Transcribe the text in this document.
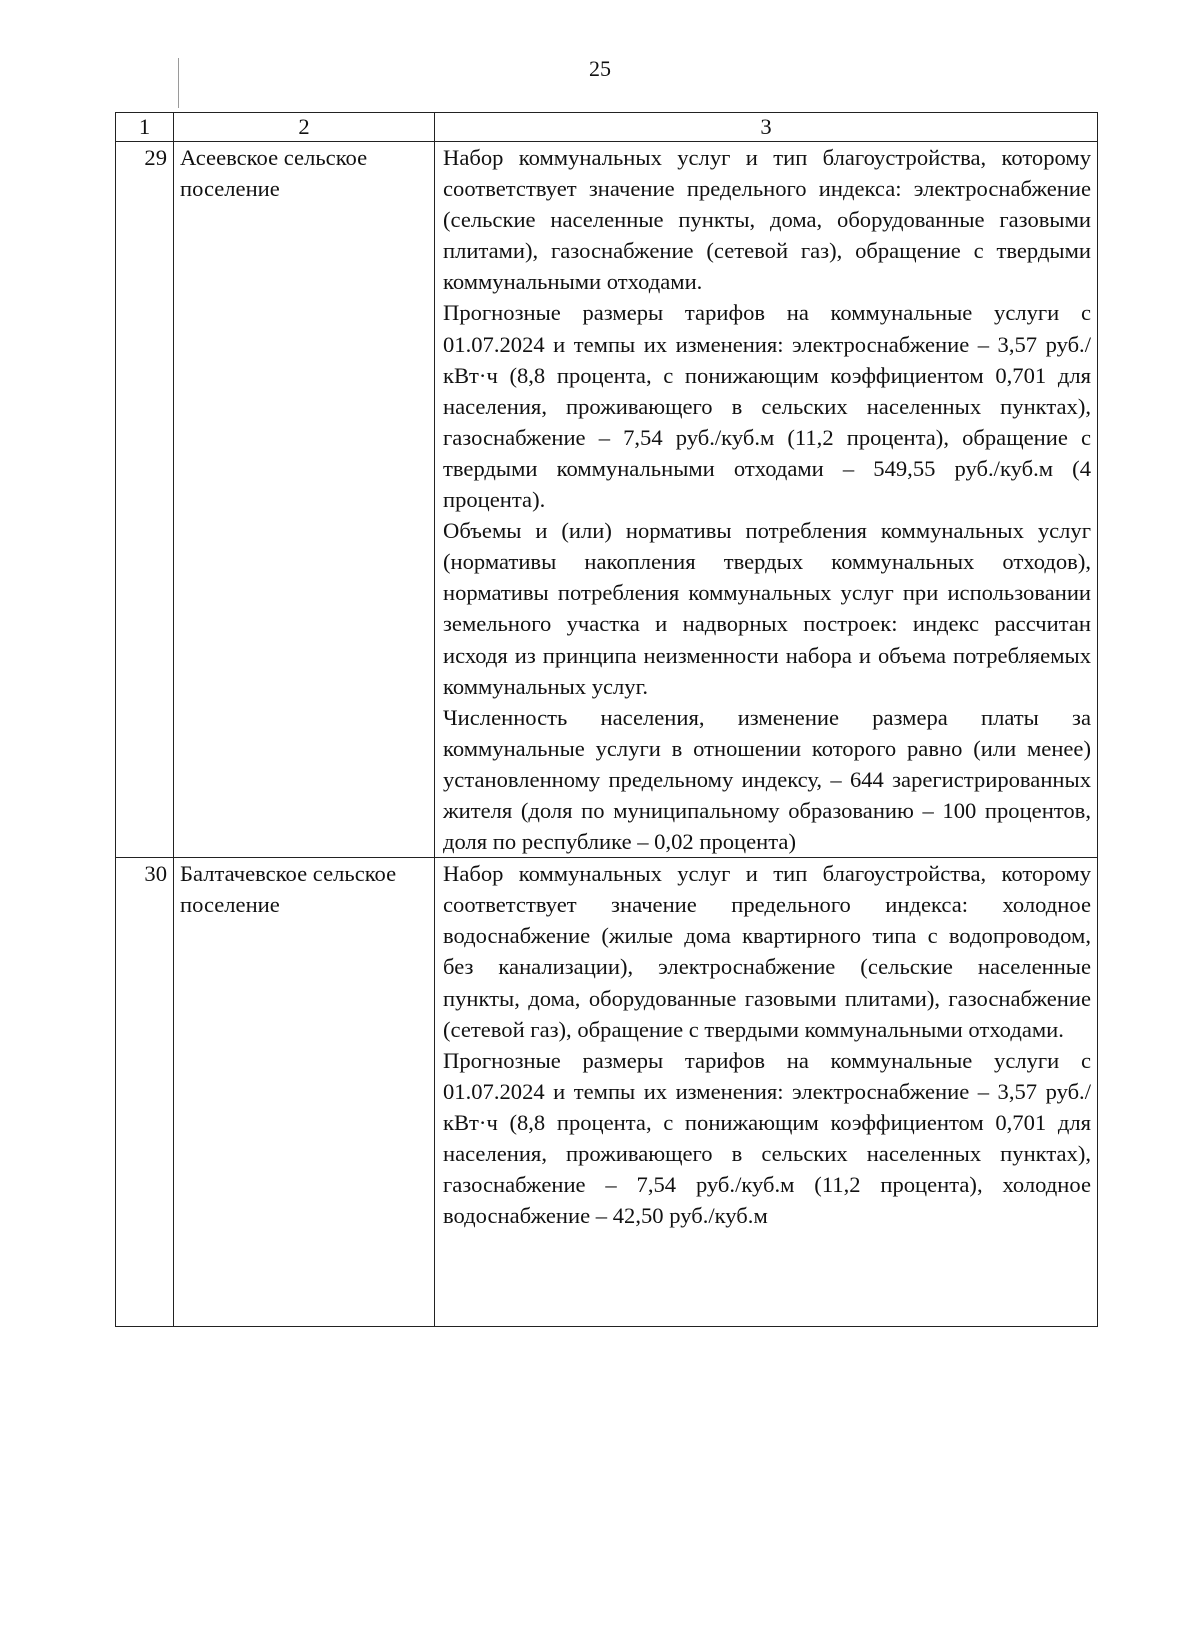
25
1	2	3
29	Асеевское сельское поселение	Набор коммунальных услуг и тип благоустройства, которому соответствует значение предельного индекса: электроснабжение (сельские населенные пункты, дома, оборудованные газовыми плитами), газоснабжение (сетевой газ), обращение с твердыми коммунальными отходами.

Прогнозные размеры тарифов на коммунальные услуги с 01.07.2024 и темпы их изменения: электроснабжение – 3,57 руб./кВт·ч (8,8 процента, с понижающим коэффициентом 0,701 для населения, проживающего в сельских населенных пунктах), газоснабжение – 7,54 руб./куб.м (11,2 процента), обращение с твердыми коммунальными отходами – 549,55 руб./куб.м (4 процента).

Объемы и (или) нормативы потребления коммунальных услуг (нормативы накопления твердых коммунальных отходов), нормативы потребления коммунальных услуг при использовании земельного участка и надворных построек: индекс рассчитан исходя из принципа неизменности набора и объема потребляемых коммунальных услуг.

Численность населения, изменение размера платы за коммунальные услуги в отношении которого равно (или менее) установленному предельному индексу, – 644 зарегистрированных жителя (доля по муниципальному образованию – 100 процентов, доля по республике – 0,02 процента)

30	Балтачевское сельское поселение	Набор коммунальных услуг и тип благоустройства, которому соответствует значение предельного индекса: холодное водоснабжение (жилые дома квартирного типа с водопроводом, без канализации), электроснабжение (сельские населенные пункты, дома, оборудованные газовыми плитами), газоснабжение (сетевой газ), обращение с твердыми коммунальными отходами.

Прогнозные размеры тарифов на коммунальные услуги с 01.07.2024 и темпы их изменения: электроснабжение – 3,57 руб./кВт·ч (8,8 процента, с понижающим коэффициентом 0,701 для населения, проживающего в сельских населенных пунктах), газоснабжение – 7,54 руб./куб.м (11,2 процента), холодное водоснабжение – 42,50 руб./куб.м
